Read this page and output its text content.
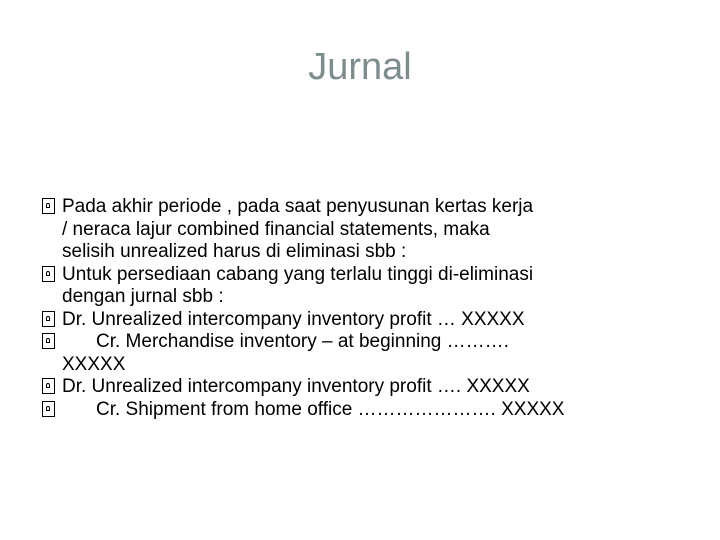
Jurnal
Pada akhir periode , pada saat penyusunan kertas kerja
/ neraca lajur combined financial statements, maka
selisih unrealized harus di eliminasi sbb :
Untuk persediaan cabang yang terlalu tinggi di-eliminasi
dengan jurnal sbb :
Dr. Unrealized intercompany inventory profit … XXXXX
Cr. Merchandise inventory – at beginning ……….
XXXXX
Dr. Unrealized intercompany inventory profit …. XXXXX
Cr. Shipment from home office …………………. XXXXX
